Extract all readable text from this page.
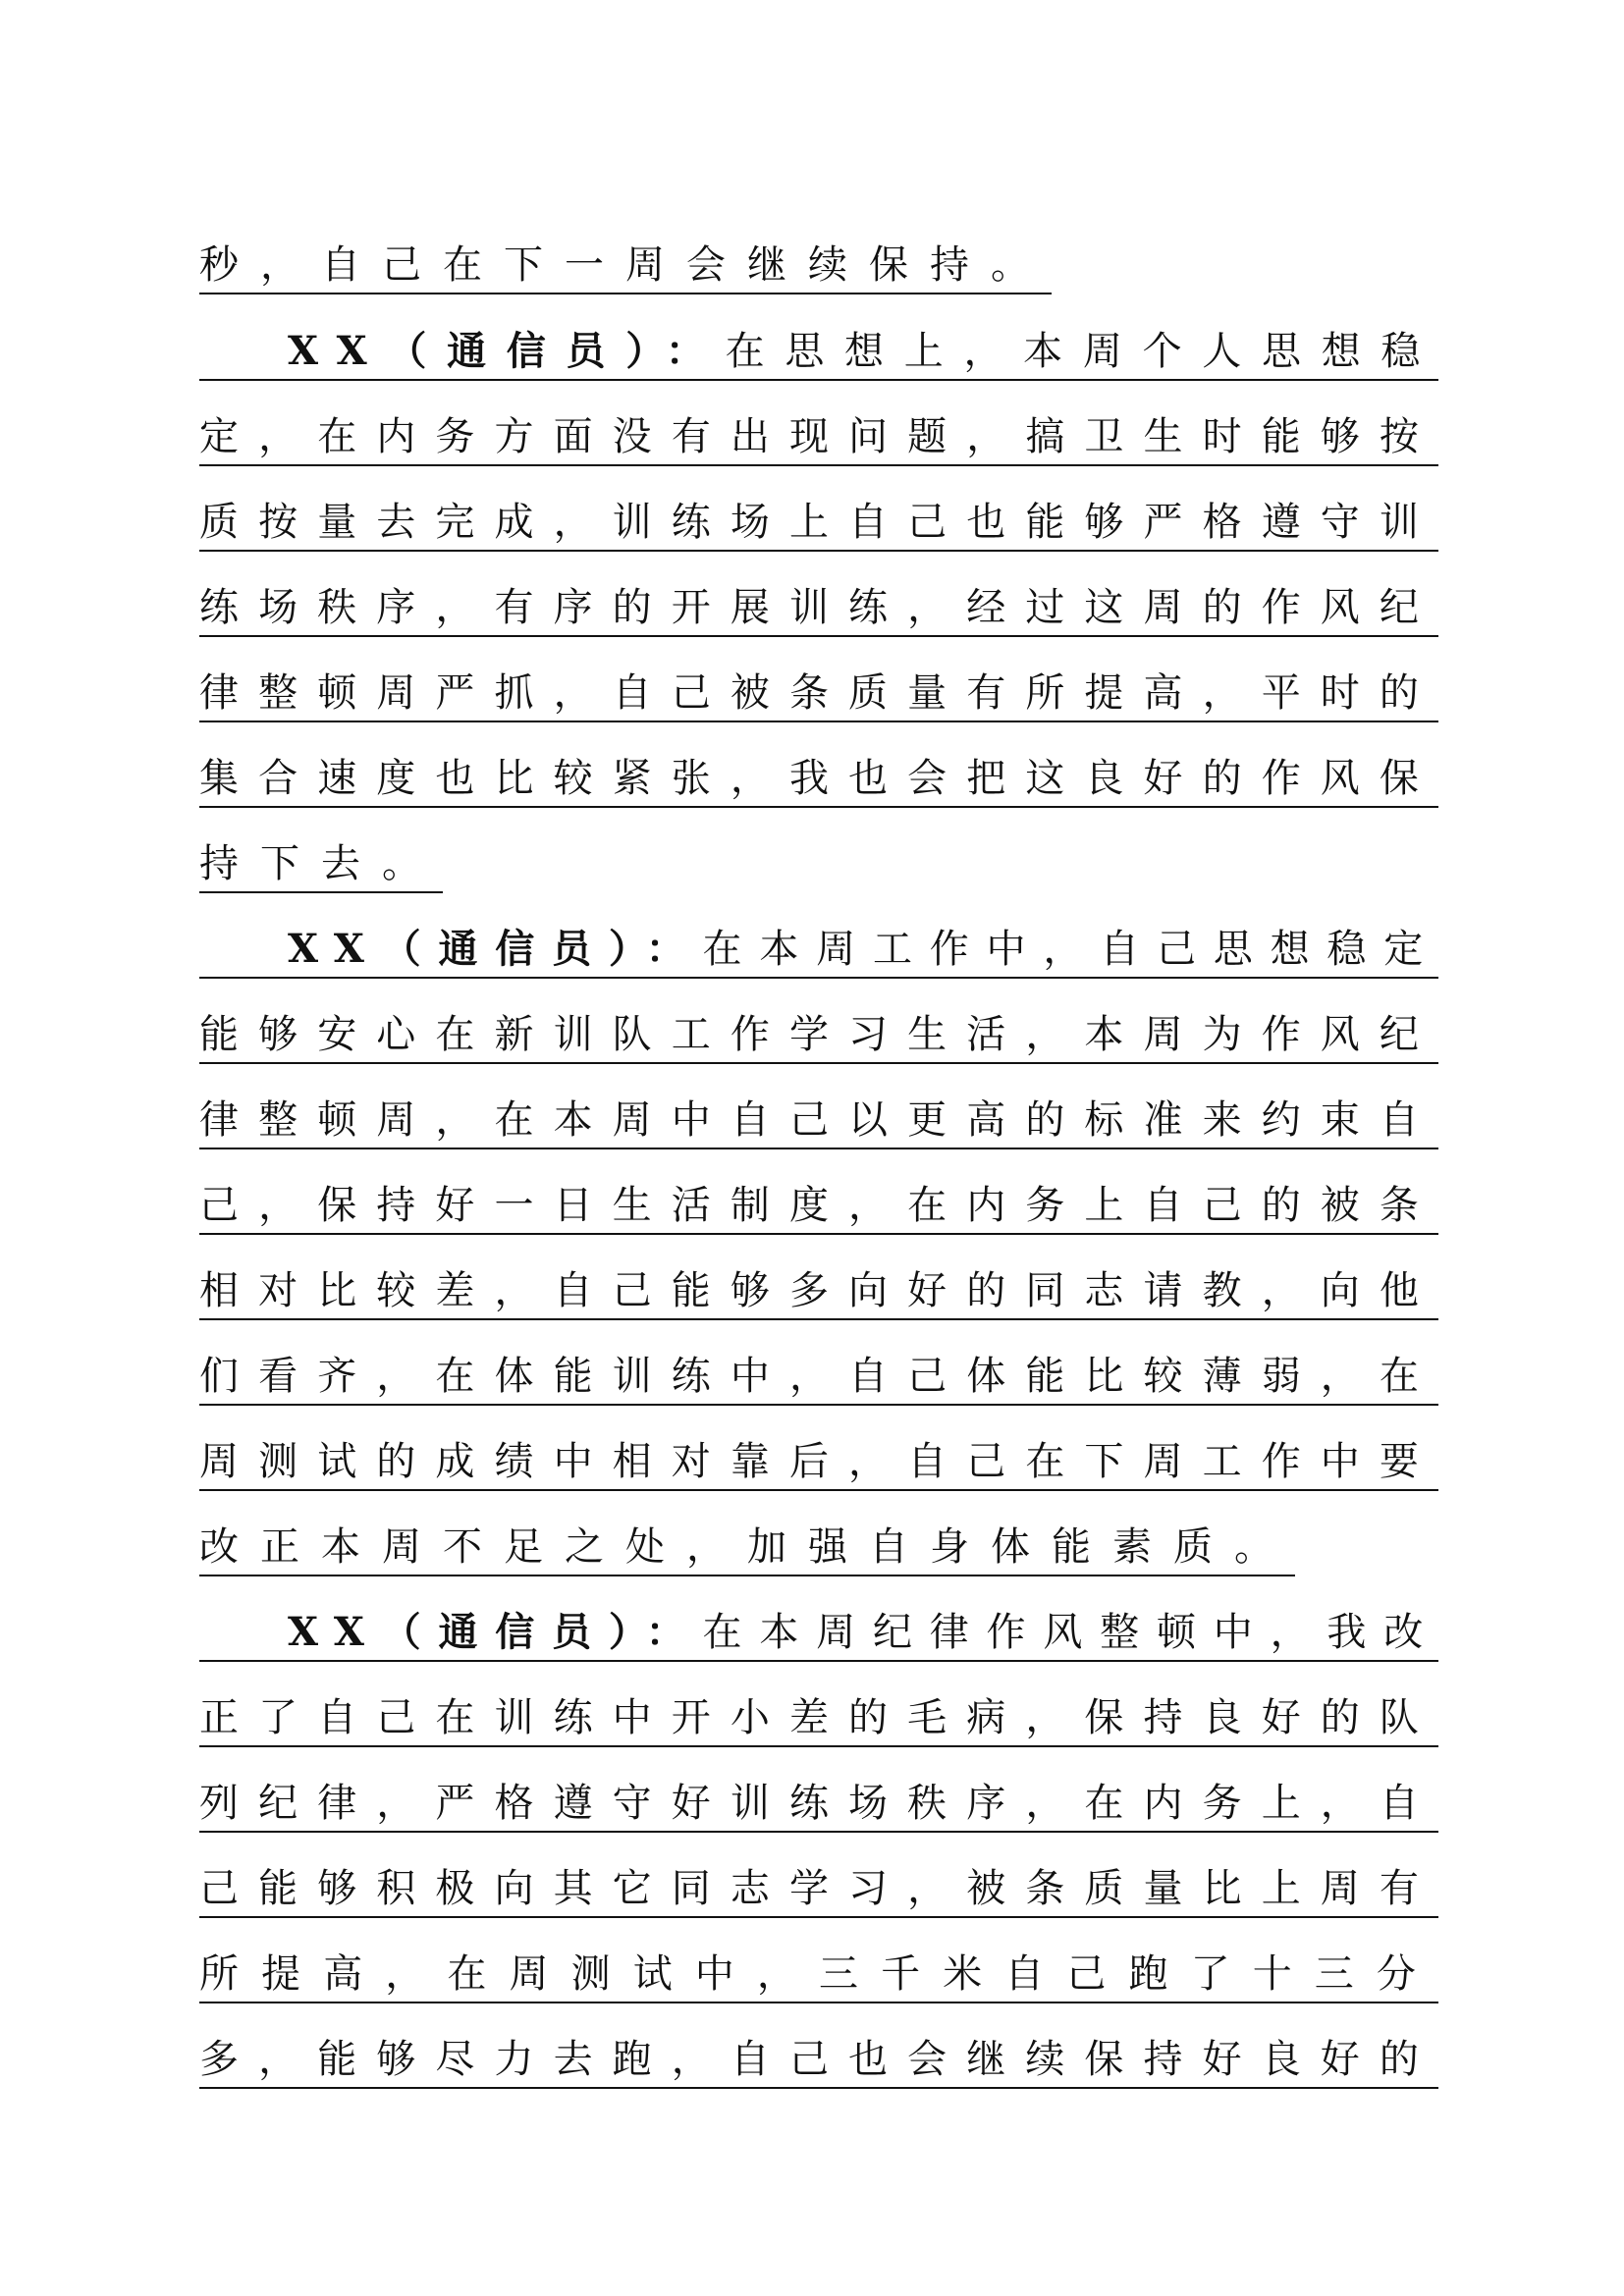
秒，自己在下一周会继续保持。
XX（通信员）：在思想上，本周个人思想稳
定，在内务方面没有出现问题，搞卫生时能够按
质按量去完成，训练场上自己也能够严格遵守训
练场秩序，有序的开展训练，经过这周的作风纪
律整顿周严抓，自己被条质量有所提高，平时的
集合速度也比较紧张，我也会把这良好的作风保
持下去。
XX（通信员）：在本周工作中，自己思想稳定
能够安心在新训队工作学习生活，本周为作风纪
律整顿周，在本周中自己以更高的标准来约束自
己，保持好一日生活制度，在内务上自己的被条
相对比较差，自己能够多向好的同志请教，向他
们看齐，在体能训练中，自己体能比较薄弱，在
周测试的成绩中相对靠后，自己在下周工作中要
改正本周不足之处，加强自身体能素质。
XX（通信员）：在本周纪律作风整顿中，我改
正了自己在训练中开小差的毛病，保持良好的队
列纪律，严格遵守好训练场秩序，在内务上，自
己能够积极向其它同志学习，被条质量比上周有
所提高，在周测试中，三千米自己跑了十三分
多，能够尽力去跑，自己也会继续保持好良好的
